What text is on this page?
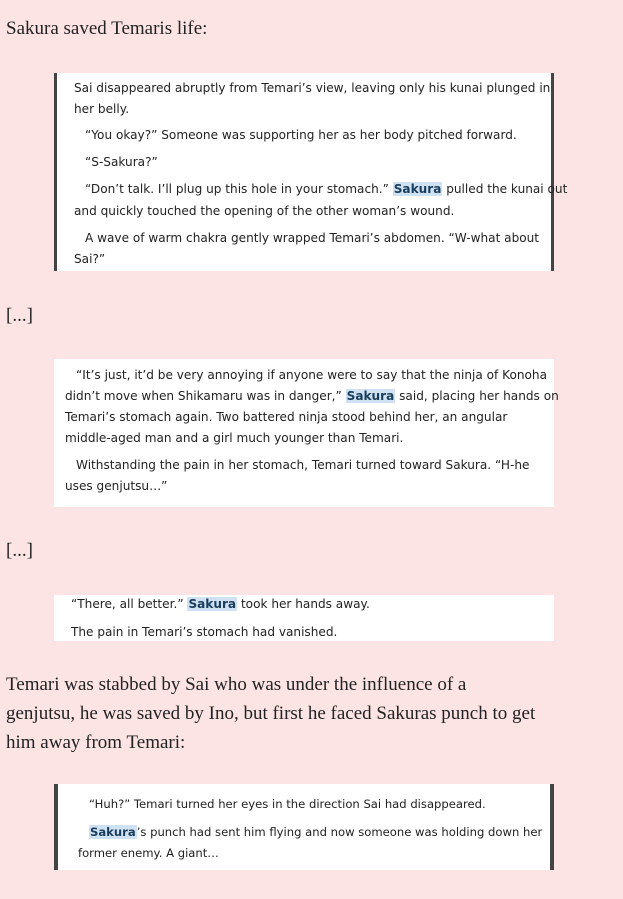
Sakura saved Temaris life:

Sai disappeared abruptly from Temari’s view, leaving only his kunai plunged in

her belly.

“You okay?” Someone was supporting her as her body pitched forward.

“S-Sakura?”

“Don’t talk. I’ll plug up this hole in your stomach.” Sakura pulled the kunai out

and quickly touched the opening of the other woman’s wound.

A wave of warm chakra gently wrapped Temari’s abdomen. “W-what about

Sai?”

[...]

“It’s just, it’d be very annoying if anyone were to say that the ninja of Konoha

didn’t move when Shikamaru was in danger,” Sakura said, placing her hands on

Temari’s stomach again. Two battered ninja stood behind her, an angular

middle-aged man and a girl much younger than Temari.

Withstanding the pain in her stomach, Temari turned toward Sakura. “H-he

uses genjutsu…”

[...]

“There, all better.” Sakura took her hands away.

The pain in Temari’s stomach had vanished.

Temari was stabbed by Sai who was under the influence of a

genjutsu, he was saved by Ino, but first he faced Sakuras punch to get

him away from Temari:

“Huh?” Temari turned her eyes in the direction Sai had disappeared.

Sakura’s punch had sent him flying and now someone was holding down her

former enemy. A giant…
